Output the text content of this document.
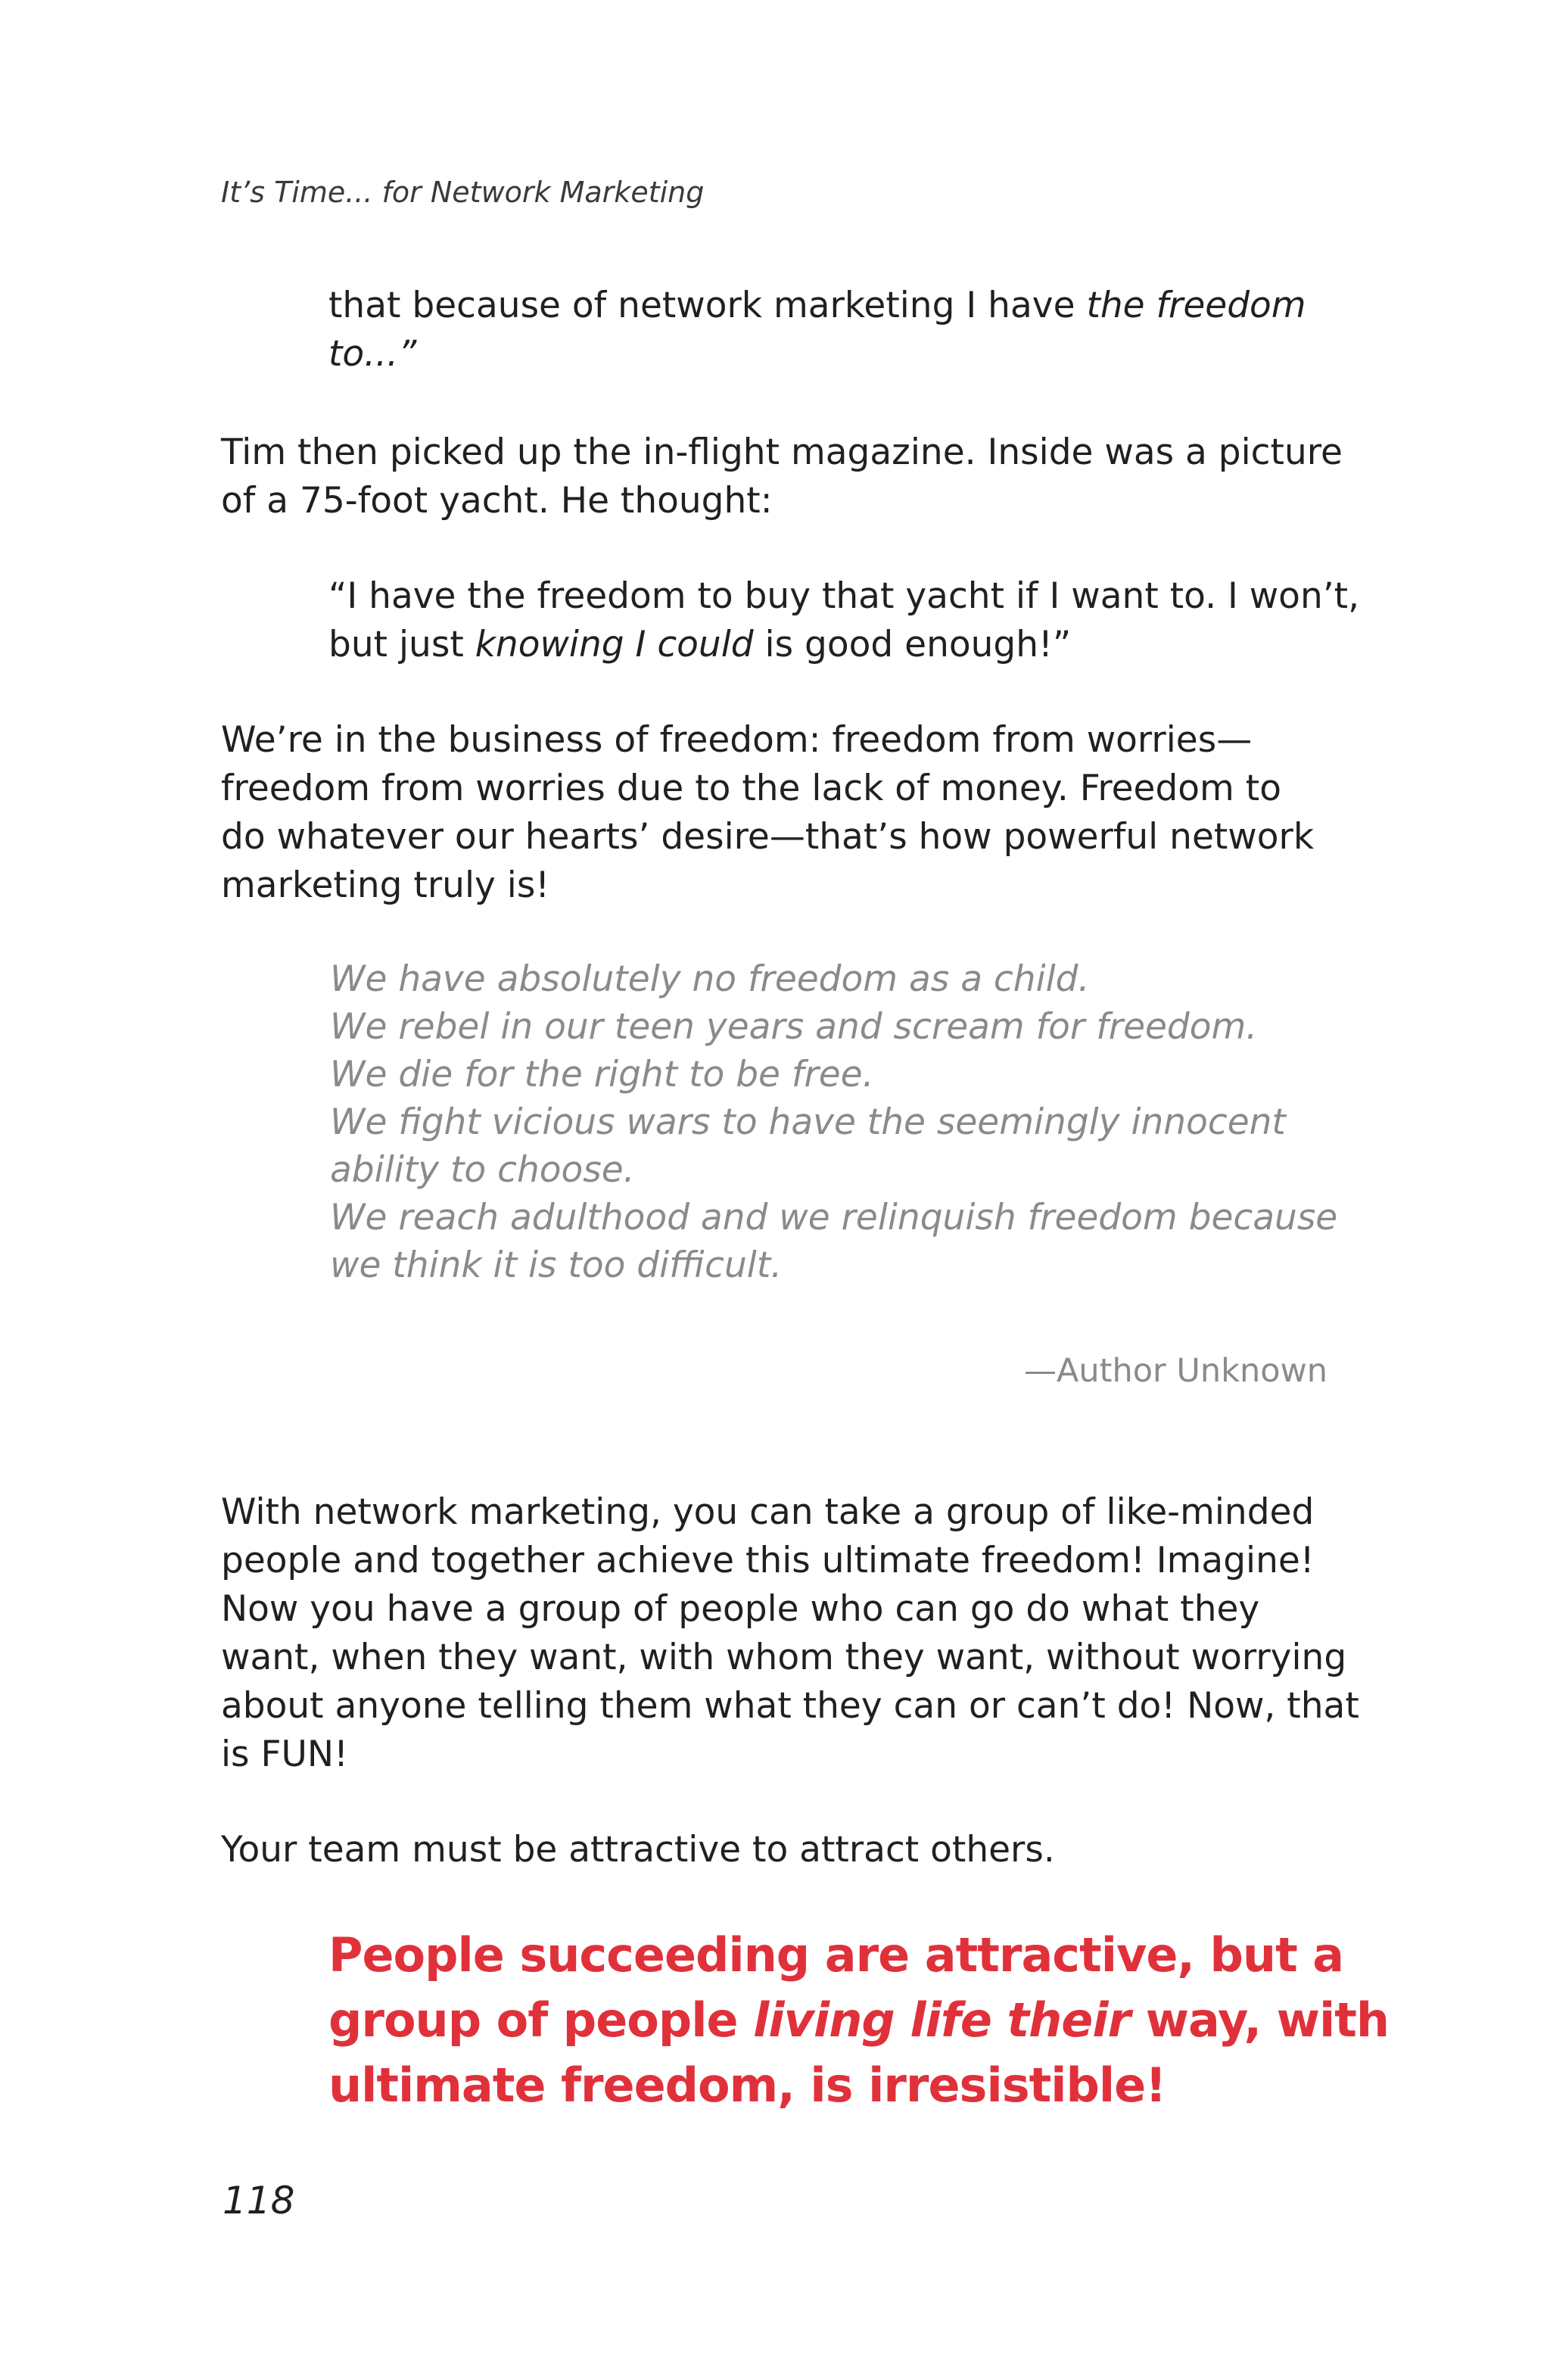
It’s Time... for Network Marketing
that because of network marketing I have the freedom
to...”
Tim then picked up the in-flight magazine. Inside was a picture
of a 75-foot yacht. He thought:
“I have the freedom to buy that yacht if I want to. I won’t,
but just knowing I could is good enough!”
We’re in the business of freedom: freedom from worries—
freedom from worries due to the lack of money. Freedom to
do whatever our hearts’ desire—that’s how powerful network
marketing truly is!
We have absolutely no freedom as a child.
We rebel in our teen years and scream for freedom.
We die for the right to be free.
We fight vicious wars to have the seemingly innocent
ability to choose.
We reach adulthood and we relinquish freedom because
we think it is too difficult.
—Author Unknown
With network marketing, you can take a group of like-minded
people and together achieve this ultimate freedom! Imagine!
Now you have a group of people who can go do what they
want, when they want, with whom they want, without worrying
about anyone telling them what they can or can’t do! Now, that
is FUN!
Your team must be attractive to attract others.
People succeeding are attractive, but a
group of people living life their way, with
ultimate freedom, is irresistible!
118
